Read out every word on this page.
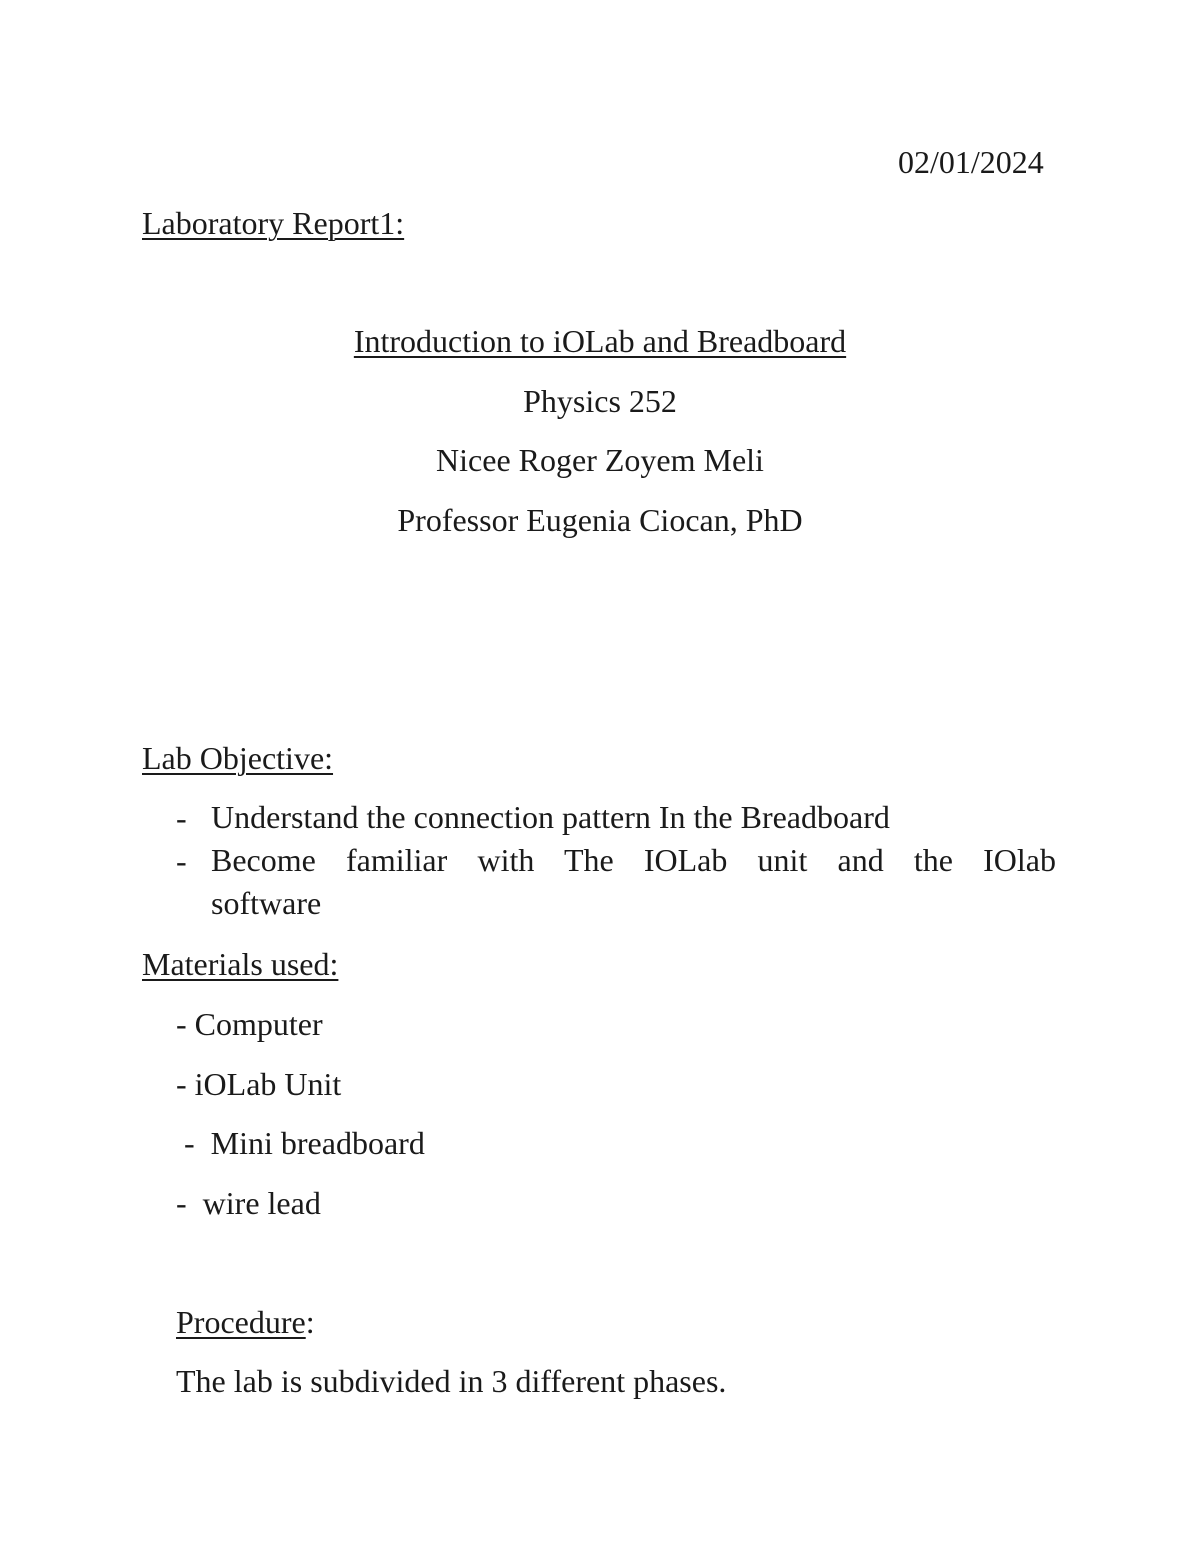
02/01/2024
Laboratory Report1:
Introduction to iOLab and Breadboard
Physics 252
Nicee Roger Zoyem Meli
Professor Eugenia Ciocan, PhD
Lab Objective:
- Understand the connection pattern In the Breadboard
- Become familiar with The IOLab unit and the IOlab
software
Materials used:
- Computer
- iOLab Unit
-  Mini breadboard
-  wire lead
Procedure:
The lab is subdivided in 3 different phases.
